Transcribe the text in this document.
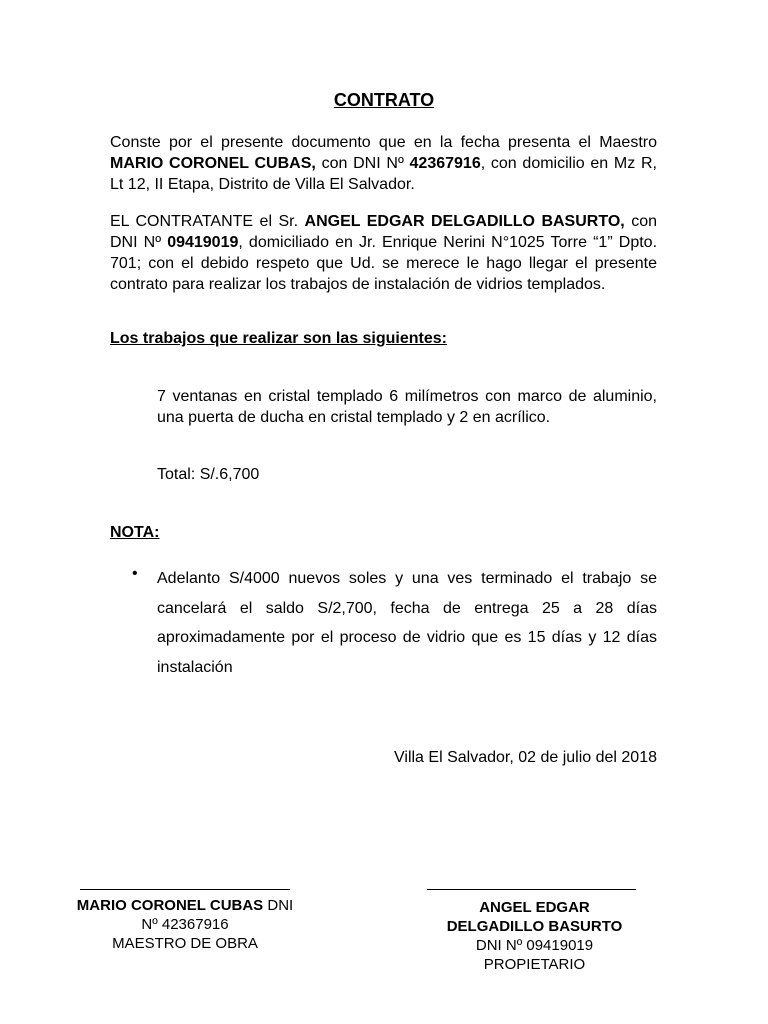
CONTRATO

Conste por el presente documento que en la fecha presenta el Maestro MARIO CORONEL CUBAS, con DNI Nº 42367916, con domicilio en Mz R, Lt 12, II Etapa, Distrito de Villa El Salvador.

EL CONTRATANTE el Sr. ANGEL EDGAR DELGADILLO BASURTO, con DNI Nº 09419019, domiciliado en Jr. Enrique Nerini N°1025 Torre “1” Dpto. 701; con el debido respeto que Ud. se merece le hago llegar el presente contrato para realizar los trabajos de instalación de vidrios templados.

Los trabajos que realizar son las siguientes:

7 ventanas en cristal templado 6 milímetros con marco de aluminio, una puerta de ducha en cristal templado y 2 en acrílico.

Total: S/.6,700

NOTA:

• Adelanto S/4000 nuevos soles y una ves terminado el trabajo se cancelará el saldo S/2,700, fecha de entrega 25 a 28 días aproximadamente por el proceso de vidrio que es 15 días y 12 días instalación

Villa El Salvador, 02 de julio del 2018

MARIO CORONEL CUBAS DNI
Nº 42367916
MAESTRO DE OBRA
ANGEL EDGAR
DELGADILLO BASURTO
DNI Nº 09419019
PROPIETARIO
